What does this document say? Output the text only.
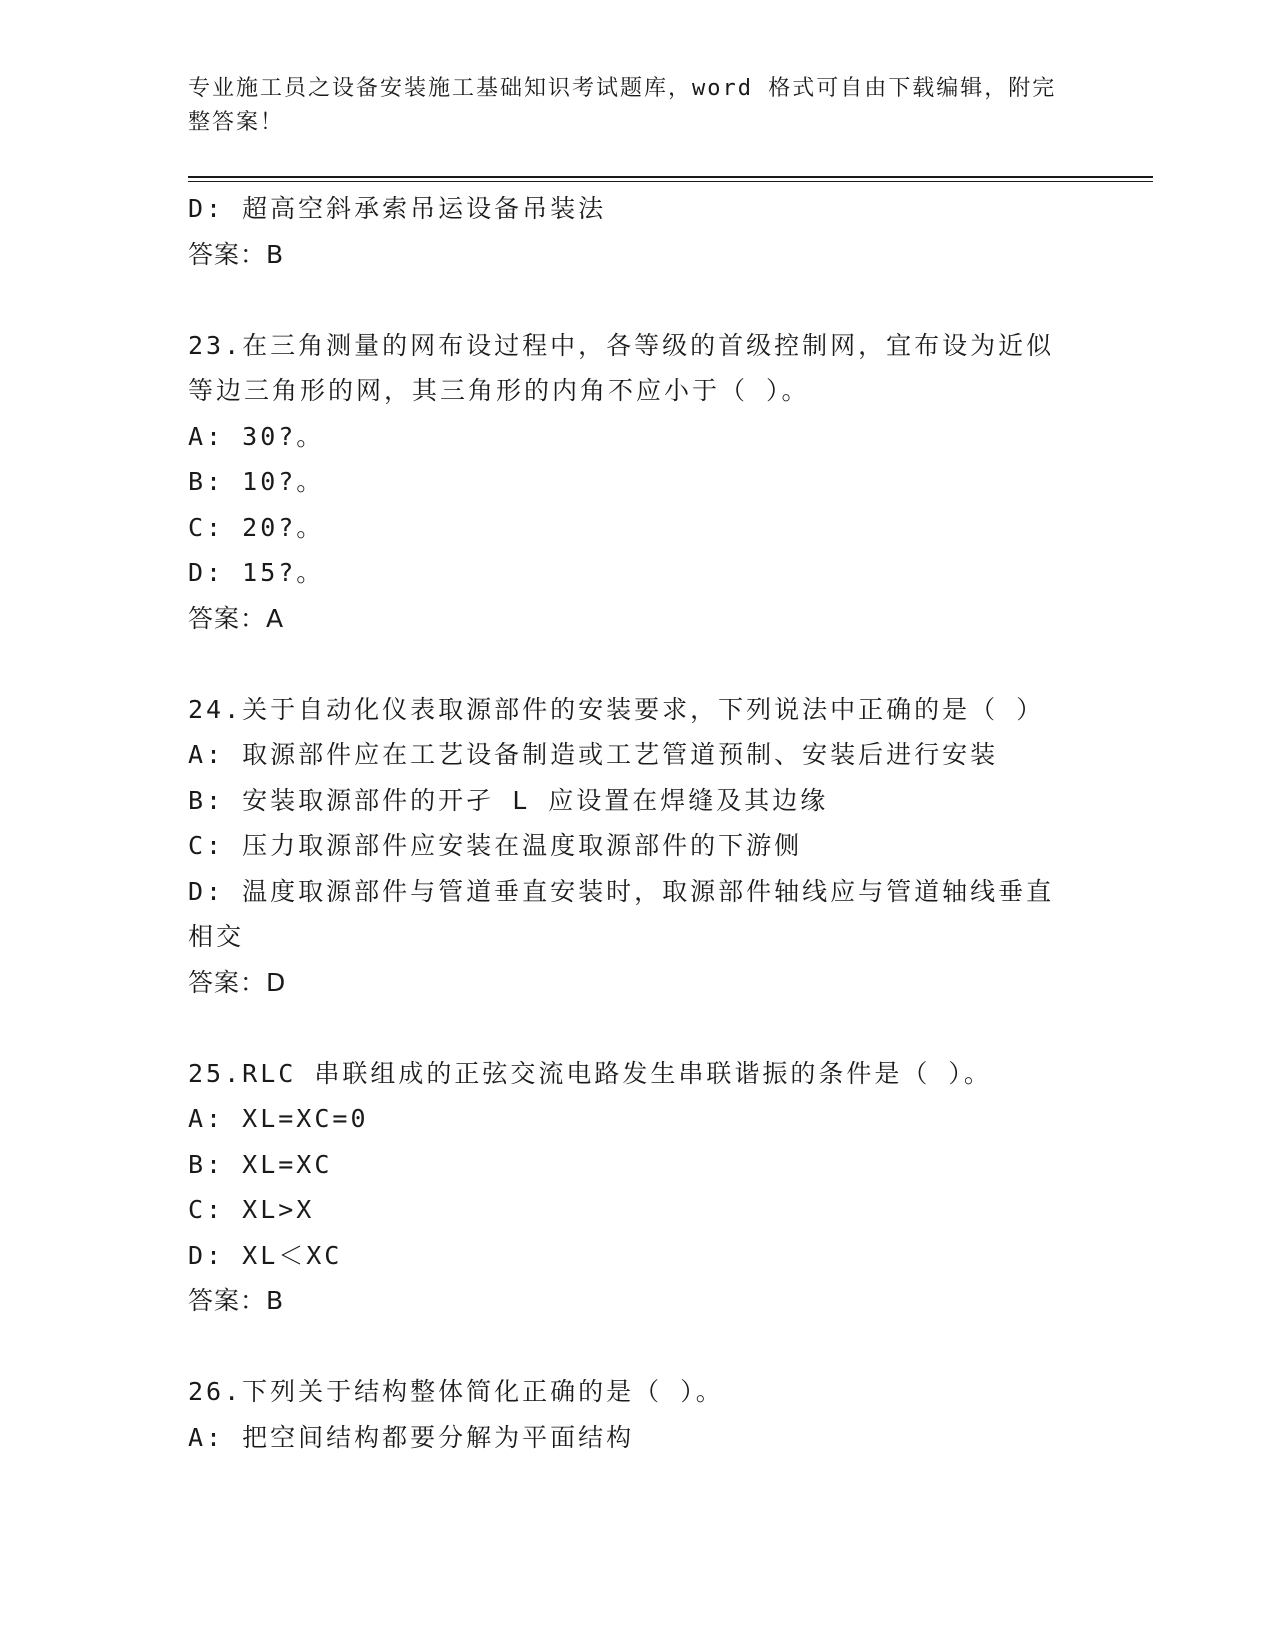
专业施工员之设备安装施工基础知识考试题库，word 格式可自由下载编辑，附完
整答案！
D: 超高空斜承索吊运设备吊装法
答案：B
23.在三角测量的网布设过程中，各等级的首级控制网，宜布设为近似
等边三角形的网，其三角形的内角不应小于（ ）。
A: 30?。
B: 10?。
C: 20?。
D: 15?。
答案：A
24.关于自动化仪表取源部件的安装要求，下列说法中正确的是（ ）
A: 取源部件应在工艺设备制造或工艺管道预制、安装后进行安装
B: 安装取源部件的开孑 L 应设置在焊缝及其边缘
C: 压力取源部件应安装在温度取源部件的下游侧
D: 温度取源部件与管道垂直安装时，取源部件轴线应与管道轴线垂直
相交
答案：D
25.RLC 串联组成的正弦交流电路发生串联谐振的条件是（ ）。
A: XL=XC=0
B: XL=XC
C: XL>X
D: XL＜XC
答案：B
26.下列关于结构整体简化正确的是（ ）。
A: 把空间结构都要分解为平面结构
